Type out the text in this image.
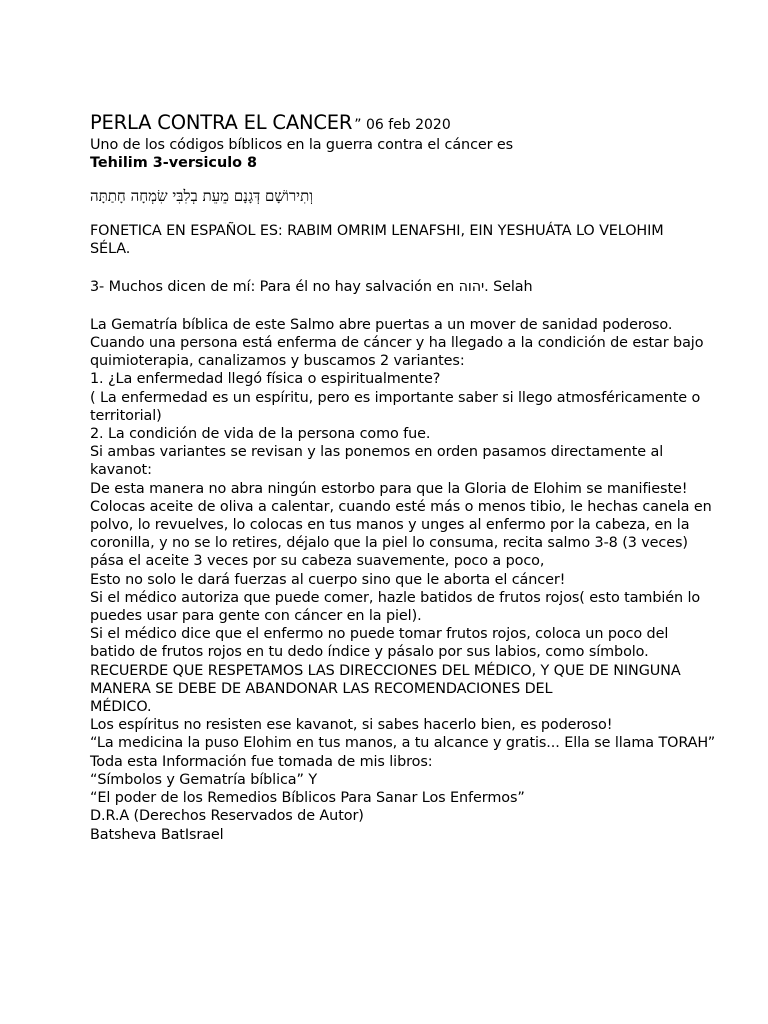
PERLA CONTRA EL CANCER ” 06 feb 2020

Uno de los códigos bíblicos en la guerra contra el cáncer es

Tehilim 3-versiculo 8

וְתִירוֹשָׁם דְּגָנָם מֵעֵת בְלִבִּי שִׂמְחָה חָתַתָּה

FONETICA EN ESPAÑOL ES: RABIM OMRIM LENAFSHI, EIN YESHUÁTA LO VELOHIM

SÉLA.

3- Muchos dicen de mí: Para él no hay salvación en יהוה. Selah

La Gematría bíblica de este Salmo abre puertas a un mover de sanidad poderoso.

Cuando una persona está enferma de cáncer y ha llegado a la condición de estar bajo

quimioterapia, canalizamos y buscamos 2 variantes:

1. ¿La enfermedad llegó física o espiritualmente?

( La enfermedad es un espíritu, pero es importante saber si llego atmosféricamente o

territorial)

2. La condición de vida de la persona como fue.

Si ambas variantes se revisan y las ponemos en orden pasamos directamente al

kavanot:

De esta manera no abra ningún estorbo para que la Gloria de Elohim se manifieste!

Colocas aceite de oliva a calentar, cuando esté más o menos tibio, le hechas canela en

polvo, lo revuelves, lo colocas en tus manos y unges al enfermo por la cabeza, en la

coronilla, y no se lo retires, déjalo que la piel lo consuma, recita salmo 3-8 (3 veces)

pása el aceite 3 veces por su cabeza suavemente, poco a poco,

Esto no solo le dará fuerzas al cuerpo sino que le aborta el cáncer!

Si el médico autoriza que puede comer, hazle batidos de frutos rojos( esto también lo

puedes usar para gente con cáncer en la piel).

Si el médico dice que el enfermo no puede tomar frutos rojos, coloca un poco del

batido de frutos rojos en tu dedo índice y pásalo por sus labios, como símbolo.

RECUERDE QUE RESPETAMOS LAS DIRECCIONES DEL MÉDICO, Y QUE DE NINGUNA

MANERA SE DEBE DE ABANDONAR LAS RECOMENDACIONES DEL

MÉDICO.

Los espíritus no resisten ese kavanot, si sabes hacerlo bien, es poderoso!

“La medicina la puso Elohim en tus manos, a tu alcance y gratis... Ella se llama TORAH”

Toda esta Información fue tomada de mis libros:

“Símbolos y Gematría bíblica” Y

“El poder de los Remedios Bíblicos Para Sanar Los Enfermos”

D.R.A (Derechos Reservados de Autor)

Batsheva BatIsrael
